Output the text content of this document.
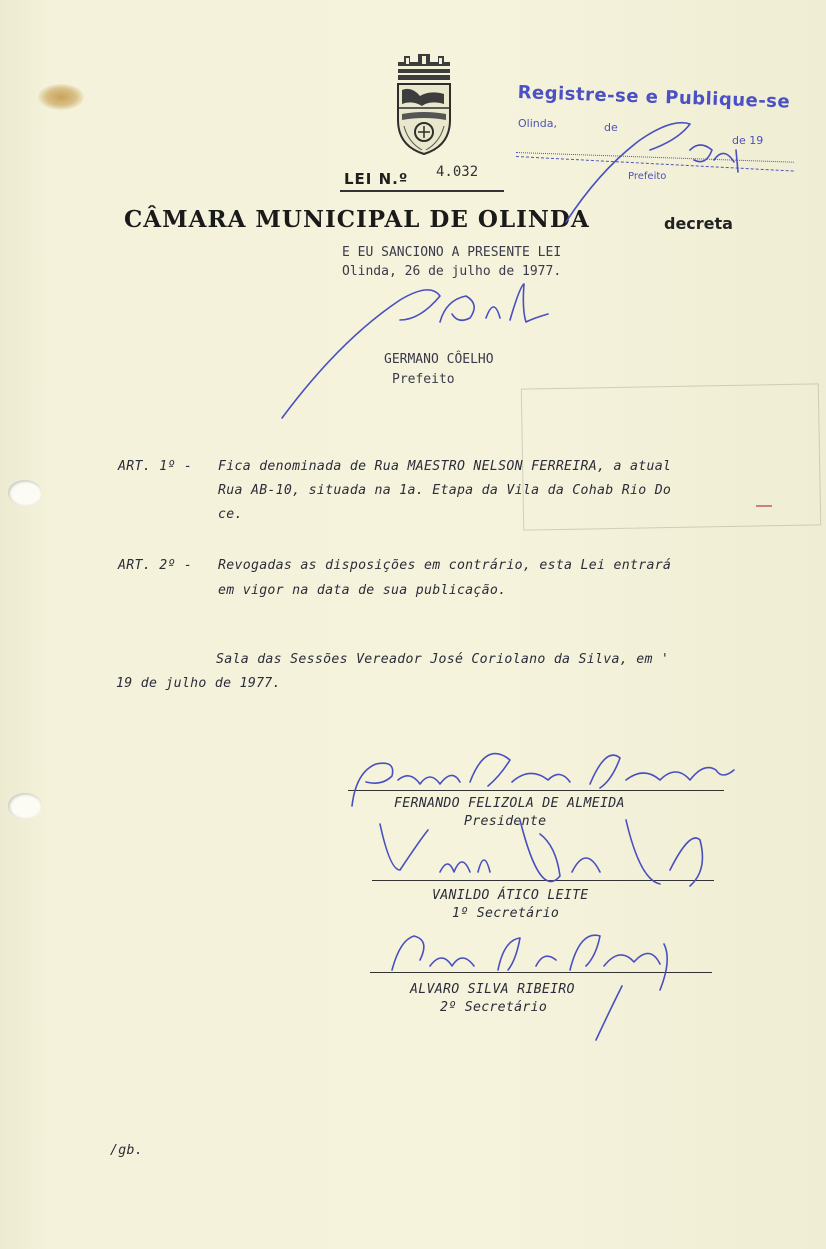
Registre-se e Publique-se
Olinda,	de
de 19
Prefeito
LEI N.º 4.032
CÂMARA MUNICIPAL DE OLINDA	decreta
E EU SANCIONO A PRESENTE LEI
Olinda, 26 de julho de 1977.
GERMANO CÔELHO
Prefeito
ART. 1º - Fica denominada de Rua MAESTRO NELSON FERREIRA, a atual
Rua AB-10, situada na 1a. Etapa da Vila da Cohab Rio Do
ce.
ART. 2º - Revogadas as disposições em contrário, esta Lei entrará
em vigor na data de sua publicação.
Sala das Sessões Vereador José Coriolano da Silva, em '
19 de julho de 1977.
FERNANDO FELIZOLA DE ALMEIDA
Presidente
VANILDO ÁTICO LEITE
1º Secretário
ALVARO SILVA RIBEIRO
2º Secretário
/gb.
